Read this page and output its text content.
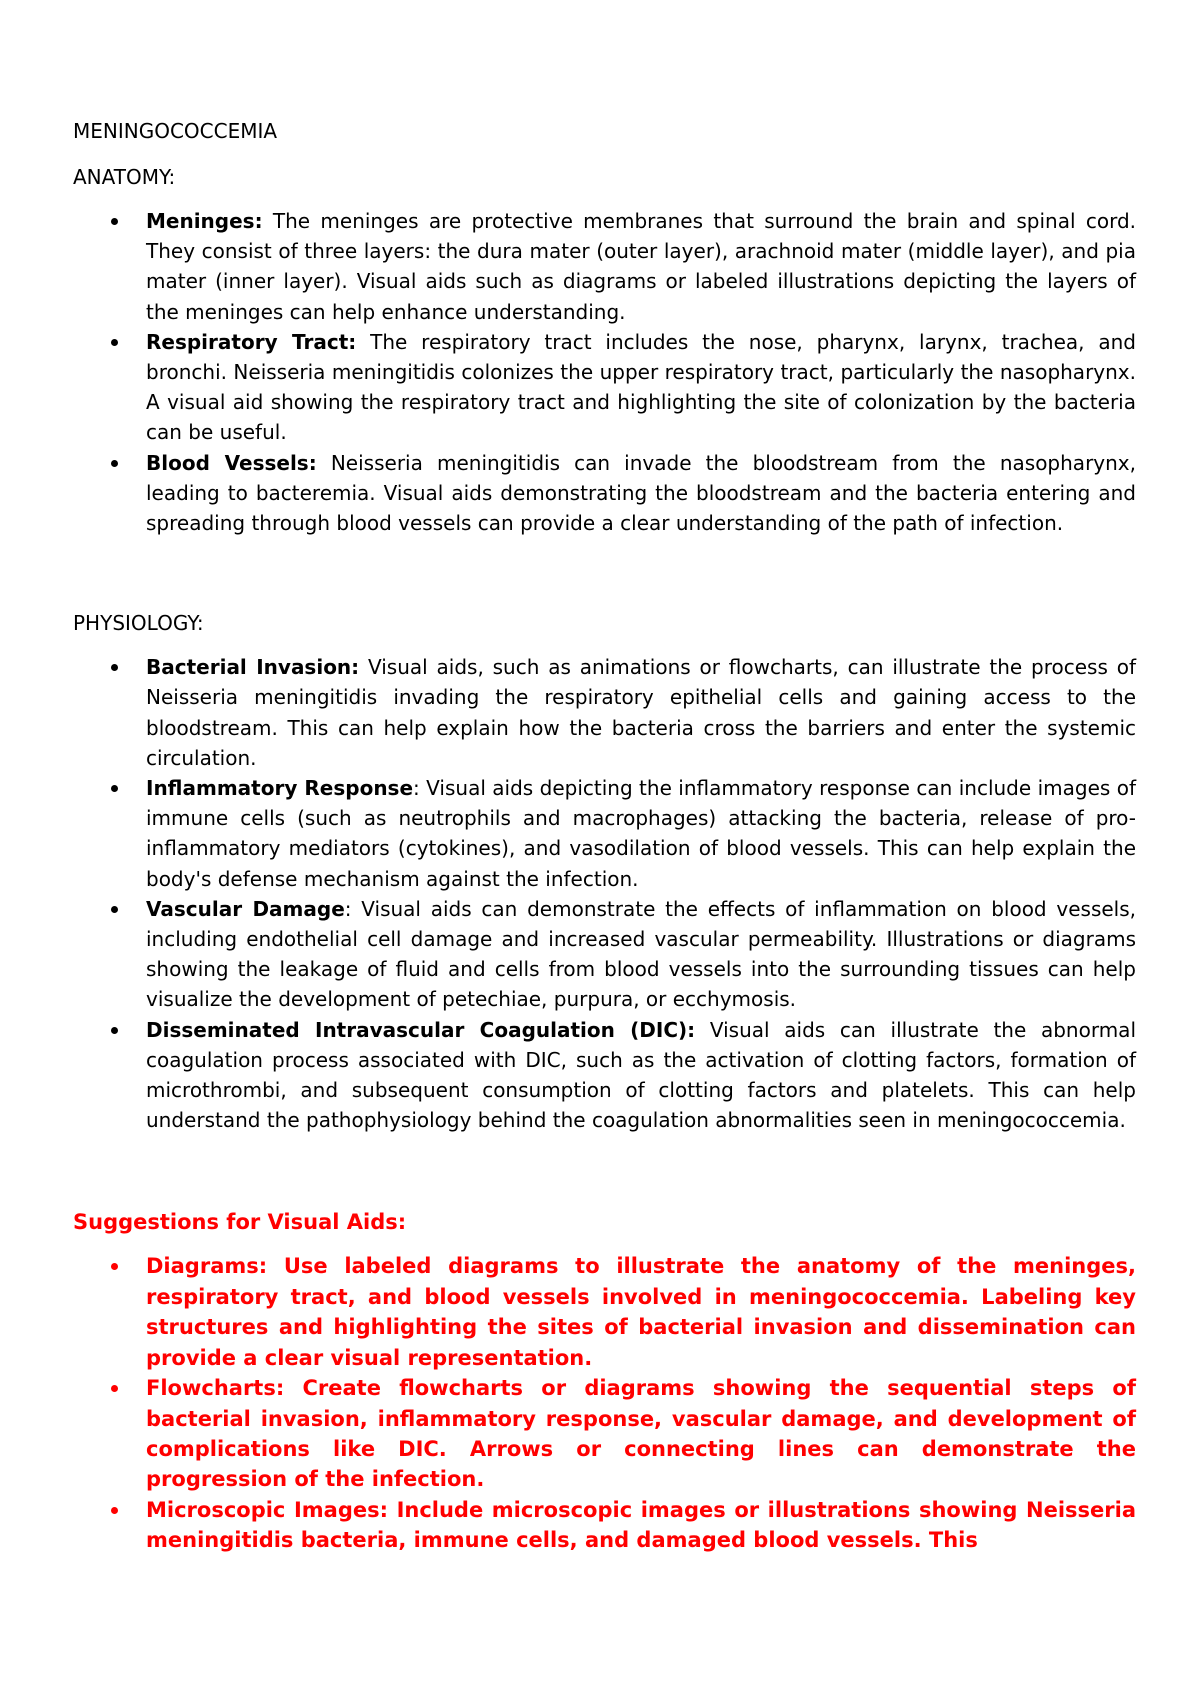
MENINGOCOCCEMIA
ANATOMY:
Meninges: The meninges are protective membranes that surround the brain and spinal cord. They consist of three layers: the dura mater (outer layer), arachnoid mater (middle layer), and pia mater (inner layer). Visual aids such as diagrams or labeled illustrations depicting the layers of the meninges can help enhance understanding.
Respiratory Tract: The respiratory tract includes the nose, pharynx, larynx, trachea, and bronchi. Neisseria meningitidis colonizes the upper respiratory tract, particularly the nasopharynx. A visual aid showing the respiratory tract and highlighting the site of colonization by the bacteria can be useful.
Blood Vessels: Neisseria meningitidis can invade the bloodstream from the nasopharynx, leading to bacteremia. Visual aids demonstrating the bloodstream and the bacteria entering and spreading through blood vessels can provide a clear understanding of the path of infection.
PHYSIOLOGY:
Bacterial Invasion: Visual aids, such as animations or flowcharts, can illustrate the process of Neisseria meningitidis invading the respiratory epithelial cells and gaining access to the bloodstream. This can help explain how the bacteria cross the barriers and enter the systemic circulation.
Inflammatory Response: Visual aids depicting the inflammatory response can include images of immune cells (such as neutrophils and macrophages) attacking the bacteria, release of pro-inflammatory mediators (cytokines), and vasodilation of blood vessels. This can help explain the body's defense mechanism against the infection.
Vascular Damage: Visual aids can demonstrate the effects of inflammation on blood vessels, including endothelial cell damage and increased vascular permeability. Illustrations or diagrams showing the leakage of fluid and cells from blood vessels into the surrounding tissues can help visualize the development of petechiae, purpura, or ecchymosis.
Disseminated Intravascular Coagulation (DIC): Visual aids can illustrate the abnormal coagulation process associated with DIC, such as the activation of clotting factors, formation of microthrombi, and subsequent consumption of clotting factors and platelets. This can help understand the pathophysiology behind the coagulation abnormalities seen in meningococcemia.
Suggestions for Visual Aids:
Diagrams: Use labeled diagrams to illustrate the anatomy of the meninges, respiratory tract, and blood vessels involved in meningococcemia. Labeling key structures and highlighting the sites of bacterial invasion and dissemination can provide a clear visual representation.
Flowcharts: Create flowcharts or diagrams showing the sequential steps of bacterial invasion, inflammatory response, vascular damage, and development of complications like DIC. Arrows or connecting lines can demonstrate the progression of the infection.
Microscopic Images: Include microscopic images or illustrations showing Neisseria meningitidis bacteria, immune cells, and damaged blood vessels. This
